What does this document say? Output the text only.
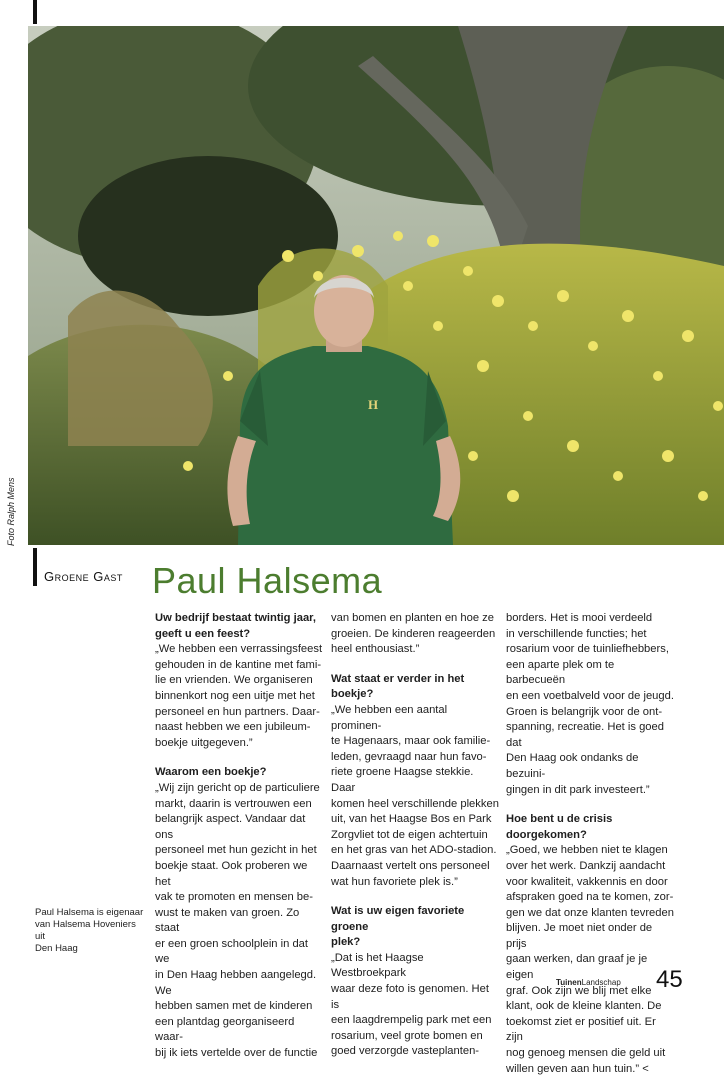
H
Foto Ralph Mens
Groene Gast Paul Halsema

Uw bedrijf bestaat twintig jaar,
geeft u een feest?

„We hebben een verrassingsfeest
gehouden in de kantine met fami-
lie en vrienden. We organiseren
binnenkort nog een uitje met het
personeel en hun partners. Daar-
naast hebben we een jubileum-
boekje uitgegeven.”

Waarom een boekje?

„Wij zijn gericht op de particuliere
markt, daarin is vertrouwen een
belangrijk aspect. Vandaar dat ons
personeel met hun gezicht in het
boekje staat. Ook proberen we het
vak te promoten en mensen be-
wust te maken van groen. Zo staat
er een groen schoolplein in dat we
in Den Haag hebben aangelegd. We
hebben samen met de kinderen
een plantdag georganiseerd waar-
bij ik iets vertelde over de functie

van bomen en planten en hoe ze
groeien. De kinderen reageerden
heel enthousiast.”

Wat staat er verder in het boekje?

„We hebben een aantal prominen-
te Hagenaars, maar ook familie-
leden, gevraagd naar hun favo-
riete groene Haagse stekkie. Daar
komen heel verschillende plekken
uit, van het Haagse Bos en Park
Zorgvliet tot de eigen achtertuin
en het gras van het ADO-stadion.
Daarnaast vertelt ons personeel
wat hun favoriete plek is.”

Wat is uw eigen favoriete groene
plek?

„Dat is het Haagse Westbroekpark
waar deze foto is genomen. Het is
een laagdrempelig park met een
rosarium, veel grote bomen en
goed verzorgde vasteplanten-

borders. Het is mooi verdeeld
in verschillende functies; het
rosarium voor de tuinliefhebbers,
een aparte plek om te barbecueën
en een voetbalveld voor de jeugd.
Groen is belangrijk voor de ont-
spanning, recreatie. Het is goed dat
Den Haag ook ondanks de bezuini-
gingen in dit park investeert.”

Hoe bent u de crisis doorgekomen?

„Goed, we hebben niet te klagen
over het werk. Dankzij aandacht
voor kwaliteit, vakkennis en door
afspraken goed na te komen, zor-
gen we dat onze klanten tevreden
blijven. Je moet niet onder de prijs
gaan werken, dan graaf je je eigen
graf. Ook zijn we blij met elke
klant, ook de kleine klanten. De
toekomst ziet er positief uit. Er zijn
nog genoeg mensen die geld uit
willen geven aan hun tuin.” <

Paul Halsema is eigenaar
van Halsema Hoveniers uit
Den Haag
TuinenLandschap 45
